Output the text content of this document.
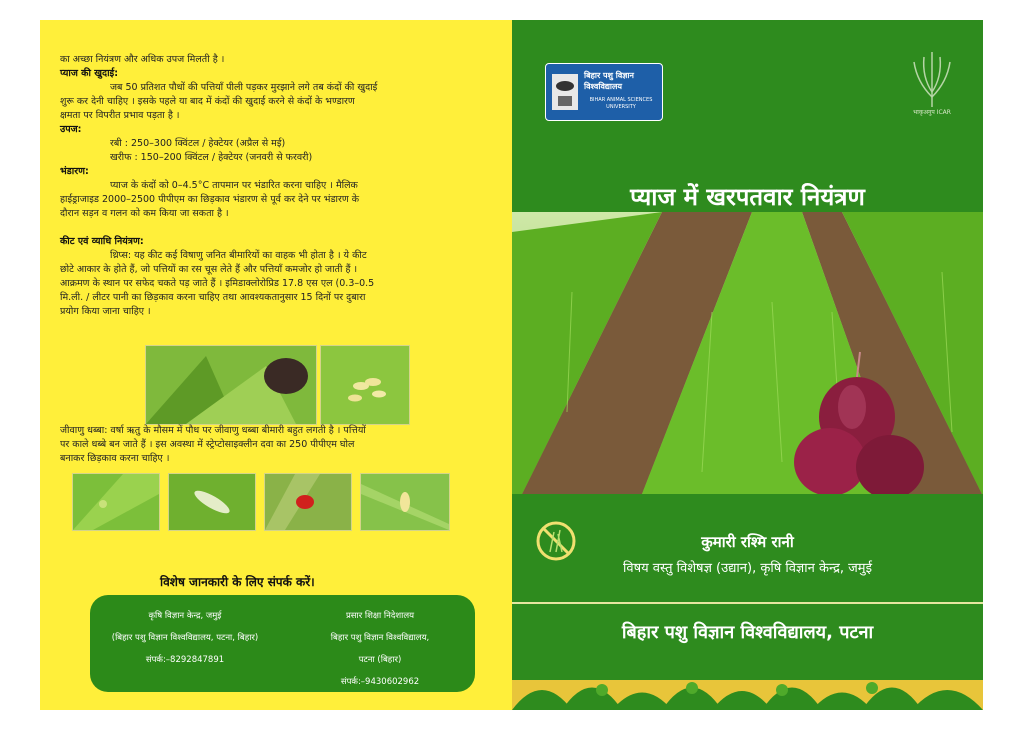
का अच्छा नियंत्रण और अधिक उपज मिलती है ।
प्याज की खुदाई:
जब 50 प्रतिशत पौधों की पत्तियाँ पीली पड़कर मुरझाने लगे तब कंदों की खुदाई
शुरू कर देनी चाहिए । इसके पहले या बाद में कंदों की खुदाई करने से कंदों के भण्डारण
क्षमता पर विपरीत प्रभाव पड़ता है ।
उपज:
रबी : 250–300 क्विंटल / हेक्टेयर (अप्रैल से मई)
खरीफ : 150–200 क्विंटल / हेक्टेयर (जनवरी से फरवरी)
भंडारण:
प्याज के कंदों को 0–4.5°C तापमान पर भंडारित करना चाहिए । मैलिक
हाईड्राजाइड 2000–2500 पीपीएम का छिड़काव भंडारण से पूर्व कर देने पर भंडारण के
दौरान सड़न व गलन को कम किया जा सकता है ।
कीट एवं व्याधि नियंत्रण:
थ्रिप्स: यह कीट कई विषाणु जनित बीमारियों का वाहक भी होता है । ये कीट
छोटे आकार के होते हैं, जो पत्तियों का रस चूस लेते हैं और पत्तियाँ कमजोर हो जाती हैं ।
आक्रमण के स्थान पर सफेद चकते पड़ जाते हैं । इमिडाक्लोरोप्रिड 17.8 एस एल (0.3–0.5
मि.ली. / लीटर पानी का छिड़काव करना चाहिए तथा आवश्यकतानुसार 15 दिनों पर दुबारा
प्रयोग किया जाना चाहिए ।
जीवाणु धब्बा: वर्षा ऋतु के मौसम में पौध पर जीवाणु धब्बा बीमारी बहुत लगती है । पत्तियों
पर काले धब्बे बन जाते हैं । इस अवस्था में स्ट्रेप्टोसाइक्लीन दवा का 250 पीपीएम घोल
बनाकर छिड़काव करना चाहिए ।
विशेष जानकारी के लिए संपर्क करें।
कृषि विज्ञान केन्द्र, जमुई
(बिहार पशु विज्ञान विश्वविद्यालय, पटना, बिहार)
संपर्क:–8292847891
प्रसार शिक्षा निदेशालय
बिहार पशु विज्ञान विश्वविद्यालय,
पटना (बिहार)
संपर्क:–9430602962
बिहार पशु विज्ञान
विश्वविद्यालय
BIHAR ANIMAL SCIENCES
UNIVERSITY
भाकृअनुप ICAR
प्याज में खरपतवार नियंत्रण
कुमारी रश्मि रानी
विषय वस्तु विशेषज्ञ (उद्यान), कृषि विज्ञान केन्द्र, जमुई
बिहार पशु विज्ञान विश्वविद्यालय, पटना
